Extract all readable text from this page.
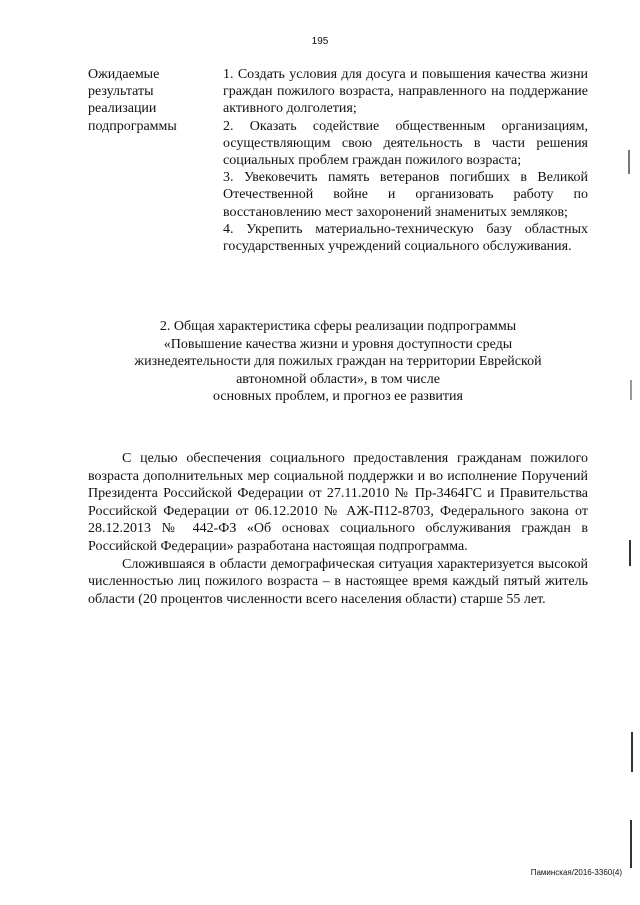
195
Ожидаемые
результаты
реализации
подпрограммы

1. Создать условия для досуга и повышения качества жизни граждан пожилого возраста, направленного на поддержание активного долголетия;

2. Оказать содействие общественным организациям, осуществляющим свою деятельность в части решения социальных проблем граждан пожилого возраста;

3. Увековечить память ветеранов погибших в Великой Отечественной войне и организовать работу по восстановлению мест захоронений знаменитых земляков;

4. Укрепить материально-техническую базу областных государственных учреждений социального обслуживания.

2. Общая характеристика сферы реализации подпрограммы
«Повышение качества жизни и уровня доступности среды
жизнедеятельности для пожилых граждан на территории Еврейской
автономной области», в том числе
основных проблем, и прогноз ее развития

С целью обеспечения социального предоставления гражданам пожилого возраста дополнительных мер социальной поддержки и во исполнение Поручений Президента Российской Федерации от 27.11.2010 № Пр-3464ГС и Правительства Российской Федерации от 06.12.2010 № АЖ-П12-8703, Федерального закона от 28.12.2013 № 442-ФЗ «Об основах социального обслуживания граждан в Российской Федерации» разработана настоящая подпрограмма.

Сложившаяся в области демографическая ситуация характеризуется высокой численностью лиц пожилого возраста – в настоящее время каждый пятый житель области (20 процентов численности всего населения области) старше 55 лет.

Паминская/2016-3360(4)
